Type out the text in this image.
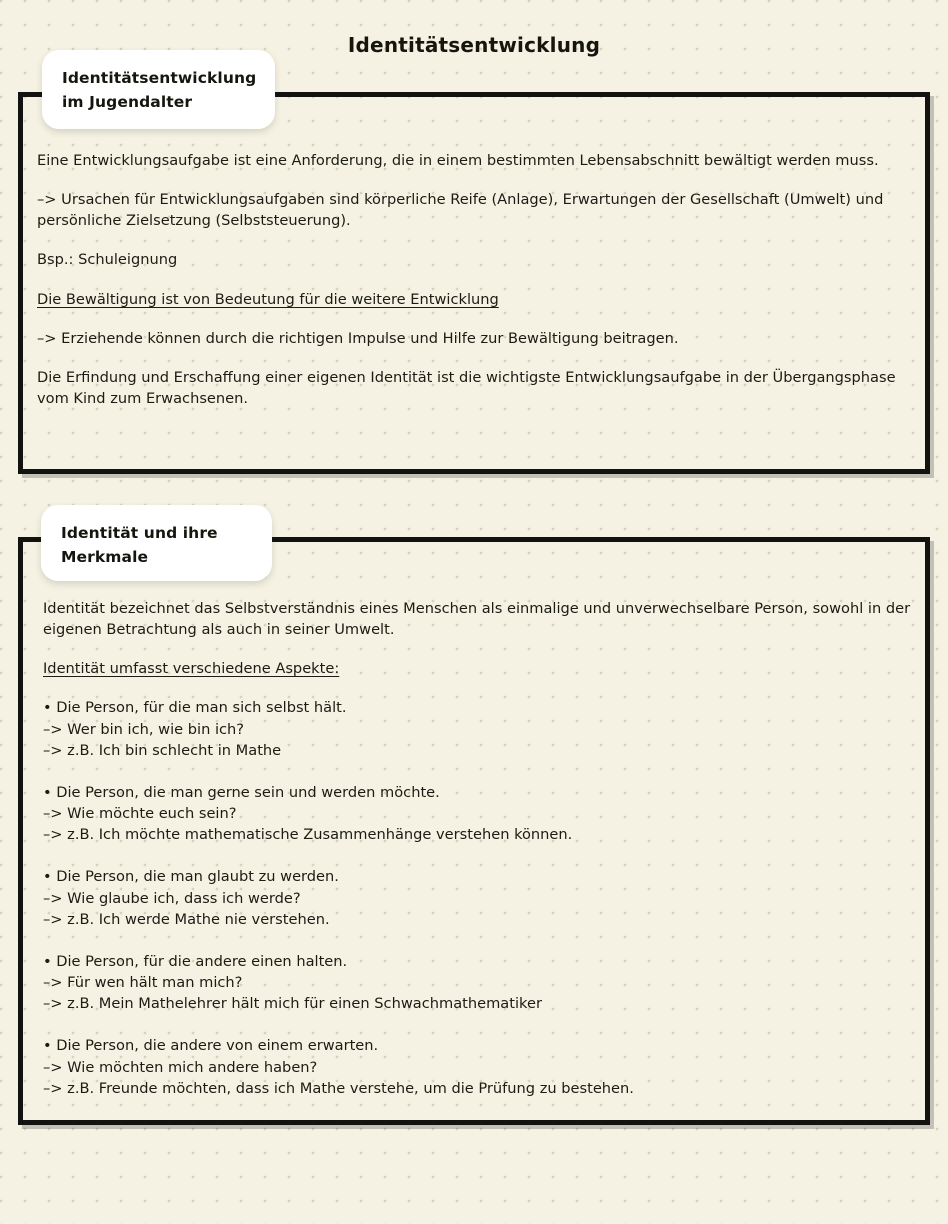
Identitätsentwicklung
Identitätsentwicklung
im Jugendalter

Eine Entwicklungsaufgabe ist eine Anforderung, die in einem bestimmten Lebensabschnitt bewältigt werden muss.

–> Ursachen für Entwicklungsaufgaben sind körperliche Reife (Anlage), Erwartungen der Gesellschaft (Umwelt) und persönliche Zielsetzung (Selbststeuerung).

Bsp.: Schuleignung

Die Bewältigung ist von Bedeutung für die weitere Entwicklung

–> Erziehende können durch die richtigen Impulse und Hilfe zur Bewältigung beitragen.

Die Erfindung und Erschaffung einer eigenen Identität ist die wichtigste Entwicklungsaufgabe in der Übergangsphase vom Kind zum Erwachsenen.

Identität und ihre
Merkmale

Identität bezeichnet das Selbstverständnis eines Menschen als einmalige und unverwechselbare Person, sowohl in der eigenen Betrachtung als auch in seiner Umwelt.

Identität umfasst verschiedene Aspekte:

• Die Person, für die man sich selbst hält.

–> Wer bin ich, wie bin ich?

–> z.B. Ich bin schlecht in Mathe

• Die Person, die man gerne sein und werden möchte.

–> Wie möchte euch sein?

–> z.B. Ich möchte mathematische Zusammenhänge verstehen können.

• Die Person, die man glaubt zu werden.

–> Wie glaube ich, dass ich werde?

–> z.B. Ich werde Mathe nie verstehen.

• Die Person, für die andere einen halten.

–> Für wen hält man mich?

–> z.B. Mein Mathelehrer hält mich für einen Schwachmathematiker

• Die Person, die andere von einem erwarten.

–> Wie möchten mich andere haben?

–> z.B. Freunde möchten, dass ich Mathe verstehe, um die Prüfung zu bestehen.
